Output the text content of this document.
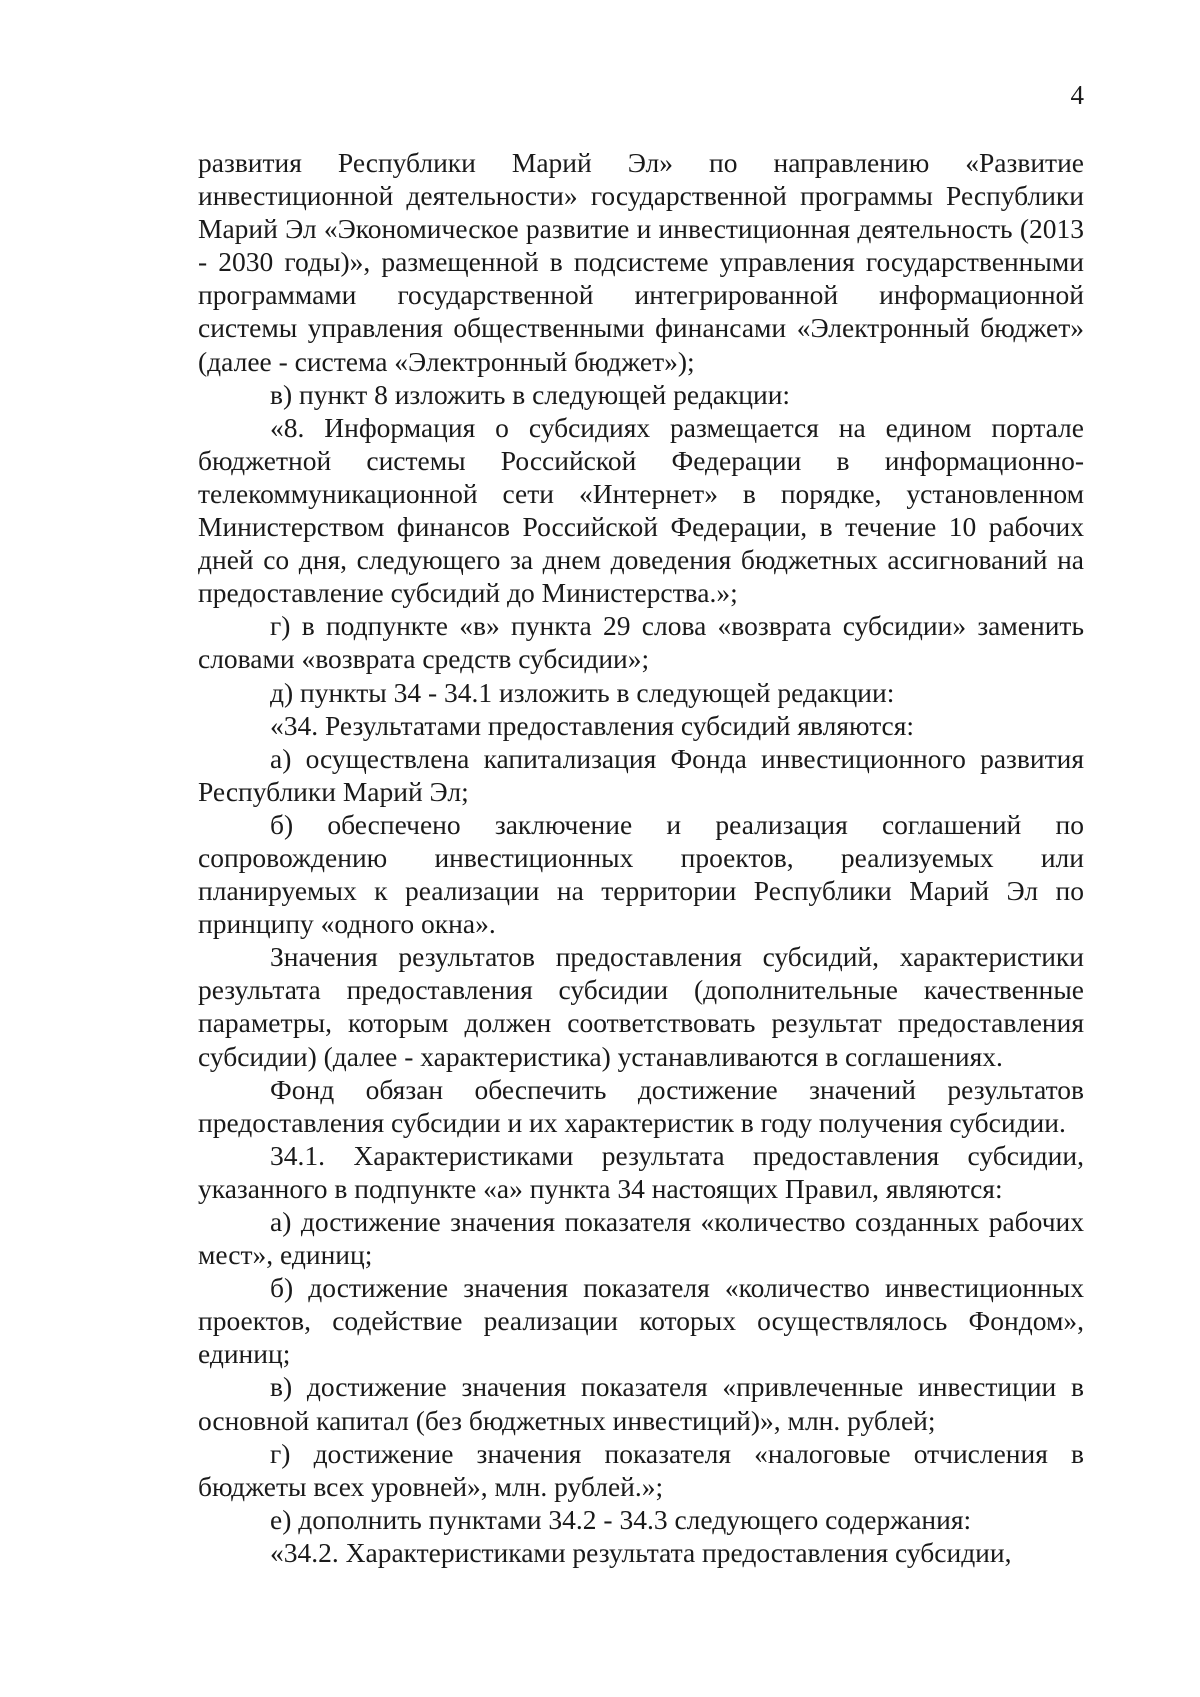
4

развития Республики Марий Эл» по направлению «Развитие инвестиционной деятельности» государственной программы Республики Марий Эл «Экономическое развитие и инвестиционная деятельность (2013 - 2030 годы)», размещенной в подсистеме управления государственными программами государственной интегрированной информационной системы управления общественными финансами «Электронный бюджет» (далее - система «Электронный бюджет»);

в) пункт 8 изложить в следующей редакции:

«8. Информация о субсидиях размещается на едином портале бюджетной системы Российской Федерации в информационно-телекоммуникационной сети «Интернет» в порядке, установленном Министерством финансов Российской Федерации, в течение 10 рабочих дней со дня, следующего за днем доведения бюджетных ассигнований на предоставление субсидий до Министерства.»;

г) в подпункте «в» пункта 29 слова «возврата субсидии» заменить словами «возврата средств субсидии»;

д) пункты 34 - 34.1 изложить в следующей редакции:

«34. Результатами предоставления субсидий являются:

а) осуществлена капитализация Фонда инвестиционного развития Республики Марий Эл;

б) обеспечено заключение и реализация соглашений по сопровождению инвестиционных проектов, реализуемых или планируемых к реализации на территории Республики Марий Эл по принципу «одного окна».

Значения результатов предоставления субсидий, характеристики результата предоставления субсидии (дополнительные качественные параметры, которым должен соответствовать результат предоставления субсидии) (далее - характеристика) устанавливаются в соглашениях.

Фонд обязан обеспечить достижение значений результатов предоставления субсидии и их характеристик в году получения субсидии.

34.1. Характеристиками результата предоставления субсидии, указанного в подпункте «а» пункта 34 настоящих Правил, являются:

а) достижение значения показателя «количество созданных рабочих мест», единиц;

б) достижение значения показателя «количество инвестиционных проектов, содействие реализации которых осуществлялось Фондом», единиц;

в) достижение значения показателя «привлеченные инвестиции в основной капитал (без бюджетных инвестиций)», млн. рублей;

г) достижение значения показателя «налоговые отчисления в бюджеты всех уровней», млн. рублей.»;

е) дополнить пунктами 34.2 - 34.3 следующего содержания:

«34.2. Характеристиками результата предоставления субсидии,
